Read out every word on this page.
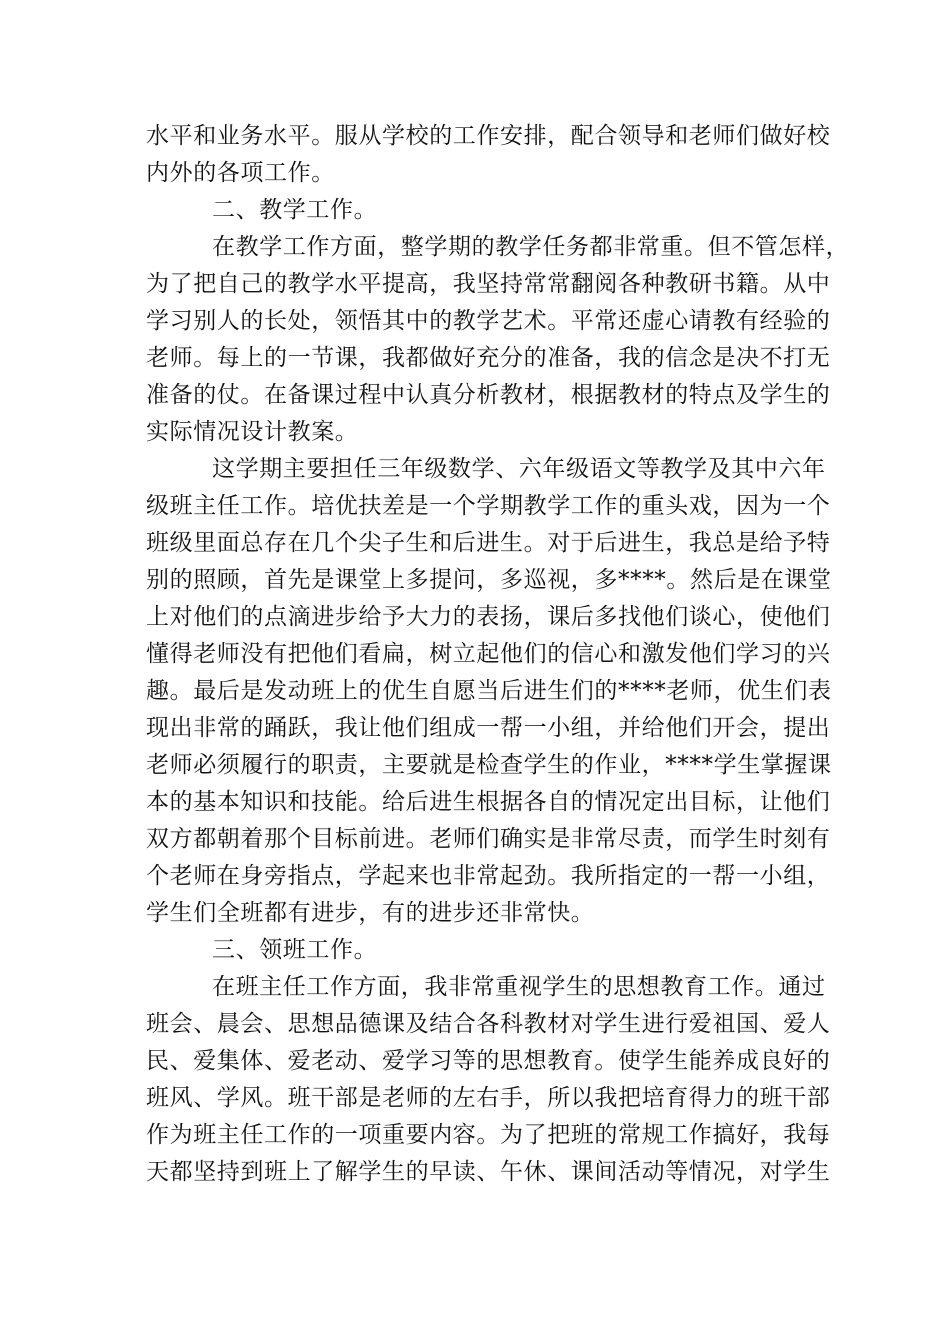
水平和业务水平。服从学校的工作安排，配合领导和老师们做好校
内外的各项工作。
二、教学工作。
在教学工作方面，整学期的教学任务都非常重。但不管怎样，
为了把自己的教学水平提高，我坚持常常翻阅各种教研书籍。从中
学习别人的长处，领悟其中的教学艺术。平常还虚心请教有经验的
老师。每上的一节课，我都做好充分的准备，我的信念是决不打无
准备的仗。在备课过程中认真分析教材，根据教材的特点及学生的
实际情况设计教案。
这学期主要担任三年级数学、六年级语文等教学及其中六年
级班主任工作。培优扶差是一个学期教学工作的重头戏，因为一个
班级里面总存在几个尖子生和后进生。对于后进生，我总是给予特
别的照顾，首先是课堂上多提问，多巡视，多****。然后是在课堂
上对他们的点滴进步给予大力的表扬，课后多找他们谈心，使他们
懂得老师没有把他们看扁，树立起他们的信心和激发他们学习的兴
趣。最后是发动班上的优生自愿当后进生们的****老师，优生们表
现出非常的踊跃，我让他们组成一帮一小组，并给他们开会，提出
老师必须履行的职责，主要就是检查学生的作业，****学生掌握课
本的基本知识和技能。给后进生根据各自的情况定出目标，让他们
双方都朝着那个目标前进。老师们确实是非常尽责，而学生时刻有
个老师在身旁指点，学起来也非常起劲。我所指定的一帮一小组，
学生们全班都有进步，有的进步还非常快。
三、领班工作。
在班主任工作方面，我非常重视学生的思想教育工作。通过
班会、晨会、思想品德课及结合各科教材对学生进行爱祖国、爱人
民、爱集体、爱老动、爱学习等的思想教育。使学生能养成良好的
班风、学风。班干部是老师的左右手，所以我把培育得力的班干部
作为班主任工作的一项重要内容。为了把班的常规工作搞好，我每
天都坚持到班上了解学生的早读、午休、课间活动等情况，对学生
